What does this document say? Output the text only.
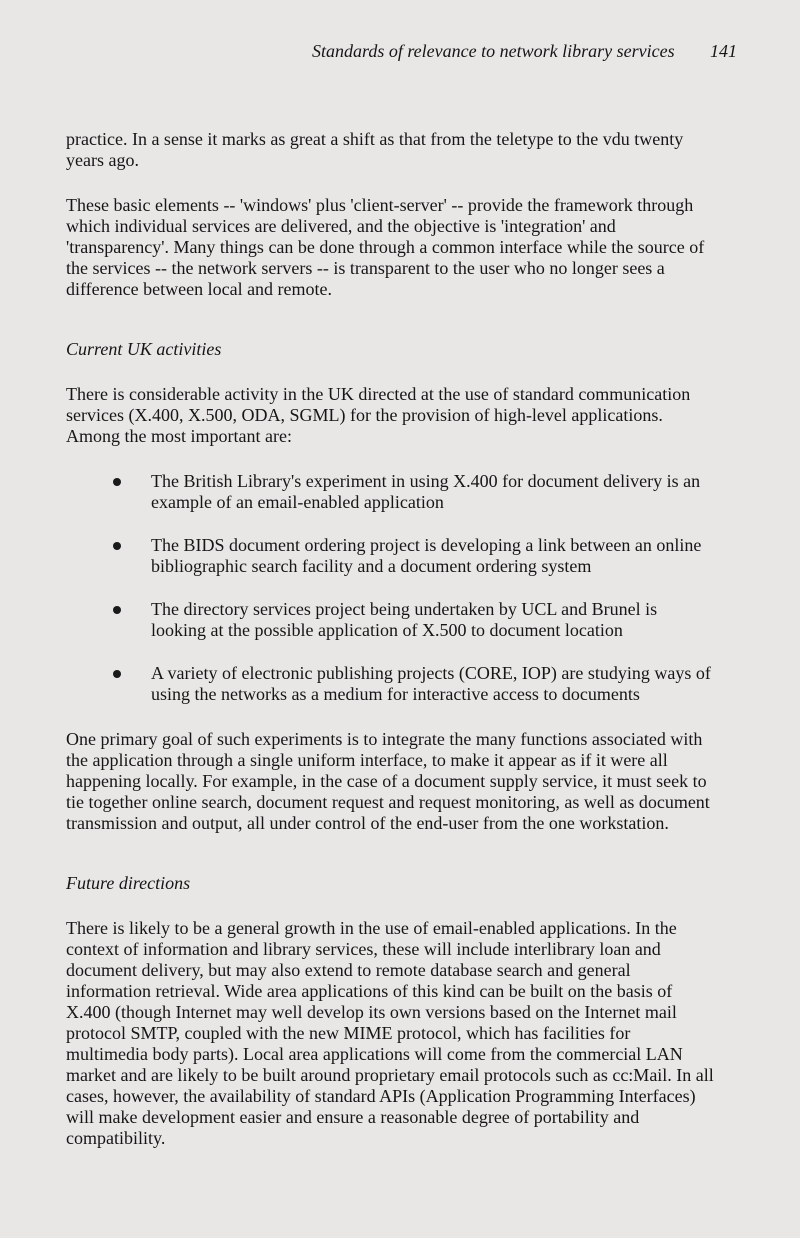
Standards of relevance to network library services 141

practice. In a sense it marks as great a shift as that from the teletype to the vdu twenty years ago.

These basic elements -- 'windows' plus 'client-server' -- provide the framework through which individual services are delivered, and the objective is 'integration' and 'transparency'. Many things can be done through a common interface while the source of the services -- the network servers -- is transparent to the user who no longer sees a difference between local and remote.

Current UK activities

There is considerable activity in the UK directed at the use of standard communication services (X.400, X.500, ODA, SGML) for the provision of high-level applications. Among the most important are:

The British Library's experiment in using X.400 for document delivery is an example of an email-enabled application
The BIDS document ordering project is developing a link between an online bibliographic search facility and a document ordering system
The directory services project being undertaken by UCL and Brunel is looking at the possible application of X.500 to document location
A variety of electronic publishing projects (CORE, IOP) are studying ways of using the networks as a medium for interactive access to documents

One primary goal of such experiments is to integrate the many functions associated with the application through a single uniform interface, to make it appear as if it were all happening locally. For example, in the case of a document supply service, it must seek to tie together online search, document request and request monitoring, as well as document transmission and output, all under control of the end-user from the one workstation.

Future directions

There is likely to be a general growth in the use of email-enabled applications. In the context of information and library services, these will include interlibrary loan and document delivery, but may also extend to remote database search and general information retrieval. Wide area applications of this kind can be built on the basis of X.400 (though Internet may well develop its own versions based on the Internet mail protocol SMTP, coupled with the new MIME protocol, which has facilities for multimedia body parts). Local area applications will come from the commercial LAN market and are likely to be built around proprietary email protocols such as cc:Mail. In all cases, however, the availability of standard APIs (Application Programming Interfaces) will make development easier and ensure a reasonable degree of portability and compatibility.
